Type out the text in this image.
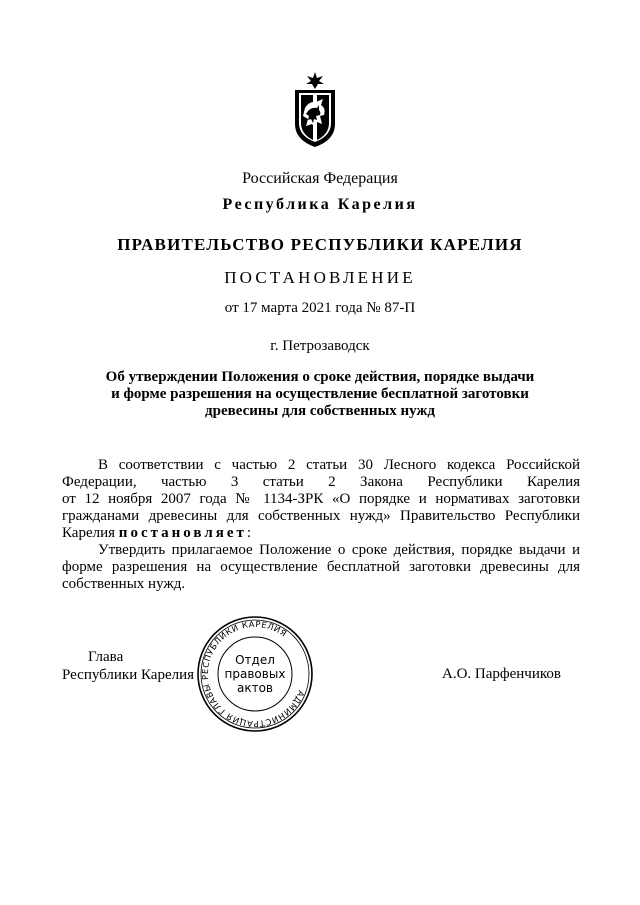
Российская Федерация
Республика Карелия
ПРАВИТЕЛЬСТВО РЕСПУБЛИКИ КАРЕЛИЯ
ПОСТАНОВЛЕНИЕ
от 17 марта 2021 года № 87-П
г. Петрозаводск
Об утверждении Положения о сроке действия, порядке выдачи
и форме разрешения на осуществление бесплатной заготовки
древесины для собственных нужд

В соответствии с частью 2 статьи 30 Лесного кодекса Российской
Федерации, частью 3 статьи 2 Закона Республики Карелия
от 12 ноября 2007 года № 1134-ЗРК «О порядке и нормативах заготовки
гражданами древесины для собственных нужд» Правительство Республики
Карелия постановляет:

Утвердить прилагаемое Положение о сроке действия, порядке выдачи и
форме разрешения на осуществление бесплатной заготовки древесины для
собственных нужд.

Глава
Республики Карелия	А.О. Парфенчиков
АДМИНИСТРАЦИЯ ГЛАВЫ РЕСПУБЛИКИ КАРЕЛИЯ
Отдел
правовых
актов
